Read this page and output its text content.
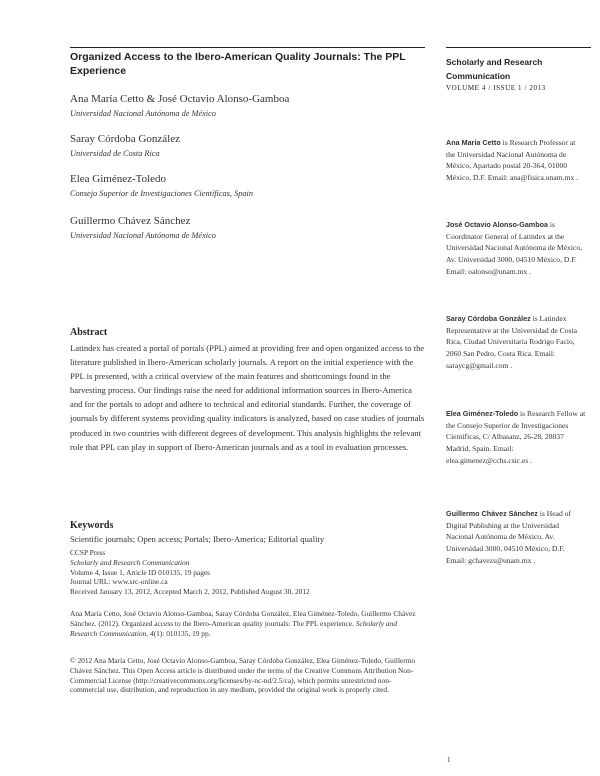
Organized Access to the Ibero-American Quality Journals: The PPL Experience
Scholarly and Research Communication
VOLUME 4 / ISSUE 1 / 2013
Ana María Cetto & José Octavio Alonso-Gamboa
Universidad Nacional Autónoma de México
Saray Córdoba González
Universidad de Costa Rica
Elea Giménez-Toledo
Consejo Superior de Investigaciones Científicas, Spain
Guillermo Chávez Sánchez
Universidad Nacional Autónoma de México
Abstract
Latindex has created a portal of portals (PPL) aimed at providing free and open organized access to the literature published in Ibero-American scholarly journals. A report on the initial experience with the PPL is presented, with a critical overview of the main features and shortcomings found in the harvesting process. Our findings raise the need for additional information sources in Ibero-America and for the portals to adopt and adhere to technical and editorial standards. Further, the coverage of journals by different systems providing quality indicators is analyzed, based on case studies of journals produced in two countries with different degrees of development. This analysis highlights the relevant role that PPL can play in support of Ibero-American journals and as a tool in evaluation processes.
Keywords
Scientific journals; Open access; Portals; Ibero-America; Editorial quality
CCSP Press
Scholarly and Research Communication
Volume 4, Issue 1, Article ID 010135, 19 pages
Journal URL: www.src-online.ca
Received January 13, 2012, Accepted March 2, 2012, Published August 30, 2012
Ana María Cetto, José Octavio Alonso-Gamboa, Saray Córdoba González, Elea Giménez-Toledo, Guillermo Chávez Sánchez. (2012). Organized access to the Ibero-American quality journals: The PPL experience. Scholarly and Research Communication, 4(1): 010135, 19 pp.
© 2012 Ana María Cetto, José Octavio Alonso-Gamboa, Saray Córdoba González, Elea Giménez-Toledo, Guillermo Chávez Sánchez. This Open Access article is distributed under the terms of the Creative Commons Attribution Non-Commercial License (http://creativecommons.org/licenses/by-nc-nd/2.5/ca), which permits unrestricted non-commercial use, distribution, and reproduction in any medium, provided the original work is properly cited.
Ana María Cetto is Research Professor at the Universidad Nacional Autónoma de México, Apartado postal 20-364, 01000 México, D.F. Email: ana@fisica.unam.mx .
José Octavio Alonso-Gamboa is Coordinator General of Latindex at the Universidad Nacional Autónoma de México, Av. Universidad 3000, 04510 México, D.F. Email: oalonso@unam.mx .
Saray Córdoba González is Latindex Representative at the Universidad de Costa Rica, Ciudad Universitaria Rodrigo Facio, 2060 San Pedro, Costa Rica. Email: saraycg@gmail.com .
Elea Giménez-Toledo is Research Fellow at the Consejo Superior de Investigaciones Científicas, C/ Albasanz, 26-28, 28037 Madrid, Spain. Email: elea.gimenez@cchs.csic.es .
Guillermo Chávez Sánchez is Head of Digital Publishing at the Universidad Nacional Autónoma de México, Av. Universidad 3000, 04510 México, D.F. Email: gchavezs@unam.mx .
1
